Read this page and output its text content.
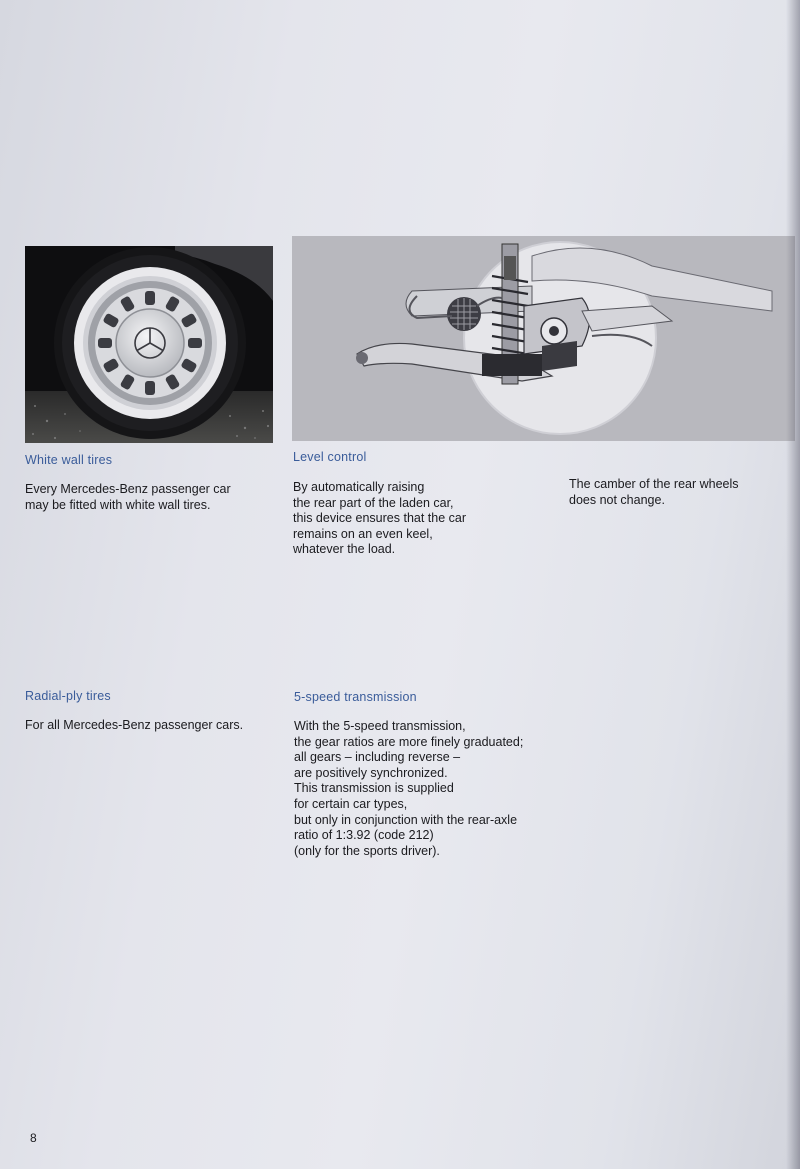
White wall tires
Every Mercedes-Benz passenger car
may be fitted with white wall tires.
Level control
By automatically raising
the rear part of the laden car,
this device ensures that the car
remains on an even keel,
whatever the load.
The camber of the rear wheels
does not change.
Radial-ply tires
For all Mercedes-Benz passenger cars.
5-speed transmission
With the 5-speed transmission,
the gear ratios are more finely graduated;
all gears – including reverse –
are positively synchronized.
This transmission is supplied
for certain car types,
but only in conjunction with the rear-axle
ratio of 1:3.92 (code 212)
(only for the sports driver).
8
